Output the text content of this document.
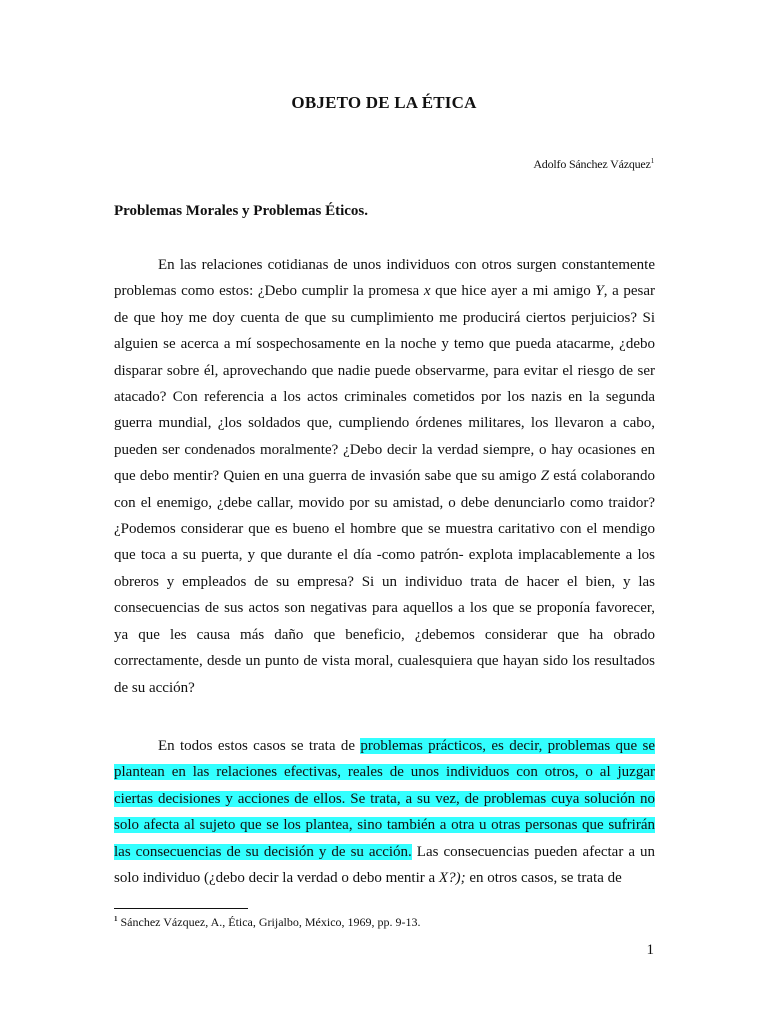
OBJETO DE LA ÉTICA
Adolfo Sánchez Vázquez$^1$
Problemas Morales y Problemas Éticos.

En las relaciones cotidianas de unos individuos con otros surgen constantemente problemas como estos: ¿Debo cumplir la promesa x que hice ayer a mi amigo Y, a pesar de que hoy me doy cuenta de que su cumplimiento me producirá ciertos perjuicios? Si alguien se acerca a mí sospechosamente en la noche y temo que pueda atacarme, ¿debo disparar sobre él, aprovechando que nadie puede observarme, para evitar el riesgo de ser atacado? Con referencia a los actos criminales cometidos por los nazis en la segunda guerra mundial, ¿los soldados que, cumpliendo órdenes militares, los llevaron a cabo, pueden ser condenados moralmente? ¿Debo decir la verdad siempre, o hay ocasiones en que debo mentir? Quien en una guerra de invasión sabe que su amigo Z está colaborando con el enemigo, ¿debe callar, movido por su amistad, o debe denunciarlo como traidor? ¿Podemos considerar que es bueno el hombre que se muestra caritativo con el mendigo que toca a su puerta, y que durante el día -como patrón- explota implacablemente a los obreros y empleados de su empresa? Si un individuo trata de hacer el bien, y las consecuencias de sus actos son negativas para aquellos a los que se proponía favorecer, ya que les causa más daño que beneficio, ¿debemos considerar que ha obrado correctamente, desde un punto de vista moral, cualesquiera que hayan sido los resultados de su acción?

En todos estos casos se trata de problemas prácticos, es decir, problemas que se plantean en las relaciones efectivas, reales de unos individuos con otros, o al juzgar ciertas decisiones y acciones de ellos. Se trata, a su vez, de problemas cuya solución no solo afecta al sujeto que se los plantea, sino también a otra u otras personas que sufrirán las consecuencias de su decisión y de su acción. Las consecuencias pueden afectar a un solo individuo (¿debo decir la verdad o debo mentir a X?); en otros casos, se trata de

$^1$ Sánchez Vázquez, A., Ética, Grijalbo, México, 1969, pp. 9-13.
1
